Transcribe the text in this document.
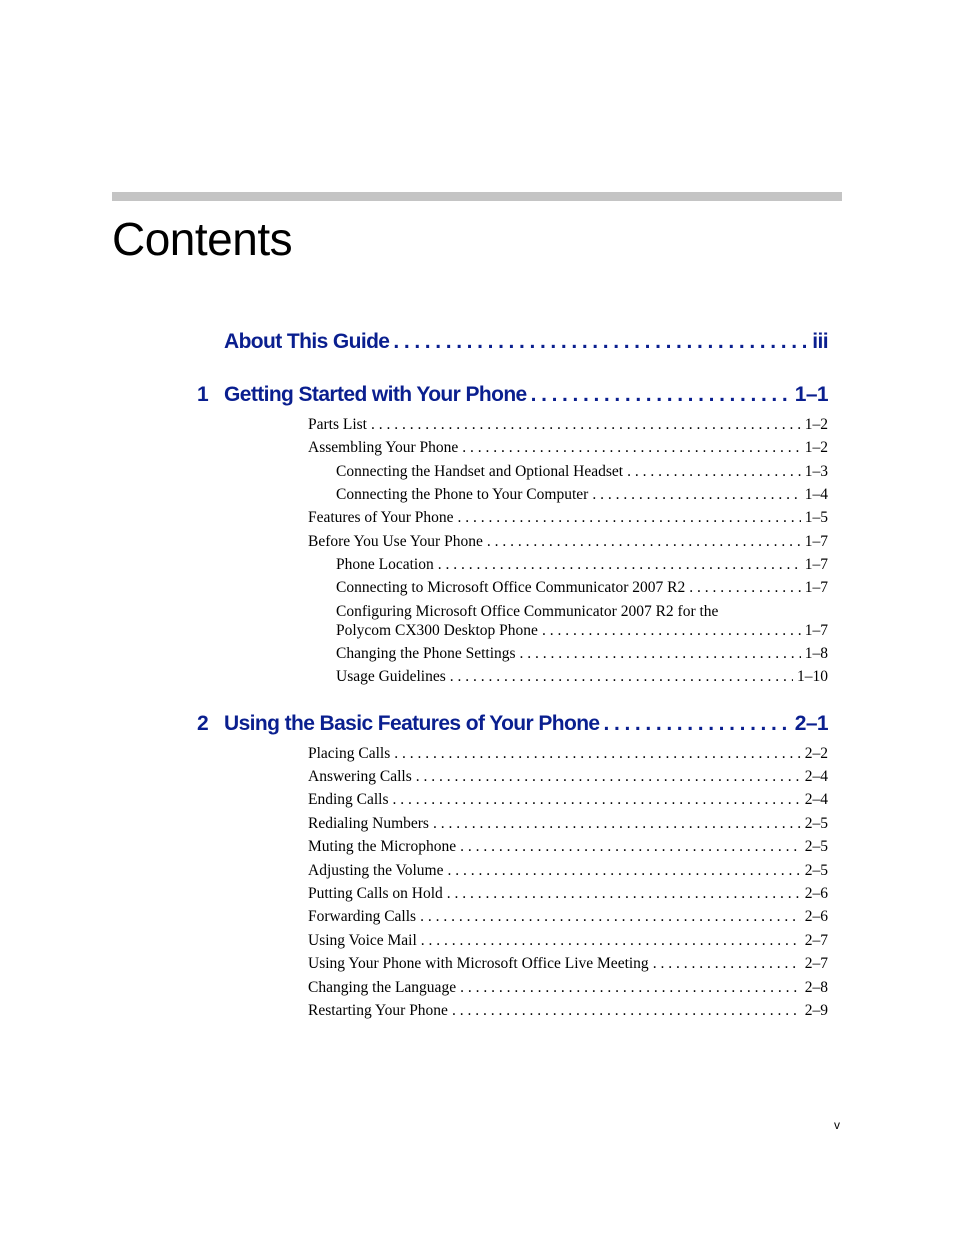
Contents
About This Guide . . .	iii
1 Getting Started with Your Phone . . .	1–1
Parts List . . .	1–2
Assembling Your Phone . . .	1–2
Connecting the Handset and Optional Headset . . .	1–3
Connecting the Phone to Your Computer . . .	1–4
Features of Your Phone . . .	1–5
Before You Use Your Phone . . .	1–7
Phone Location . . .	1–7
Connecting to Microsoft Office Communicator 2007 R2 . . .	1–7
Configuring Microsoft Office Communicator 2007 R2 for the
Polycom CX300 Desktop Phone . . .	1–7
Changing the Phone Settings . . .	1–8
Usage Guidelines . . .	1–10
2 Using the Basic Features of Your Phone . . .	2–1
Placing Calls . . .	2–2
Answering Calls . . .	2–4
Ending Calls . . .	2–4
Redialing Numbers . . .	2–5
Muting the Microphone . . .	2–5
Adjusting the Volume . . .	2–5
Putting Calls on Hold . . .	2–6
Forwarding Calls . . .	2–6
Using Voice Mail . . .	2–7
Using Your Phone with Microsoft Office Live Meeting . . .	2–7
Changing the Language . . .	2–8
Restarting Your Phone . . .	2–9
v
